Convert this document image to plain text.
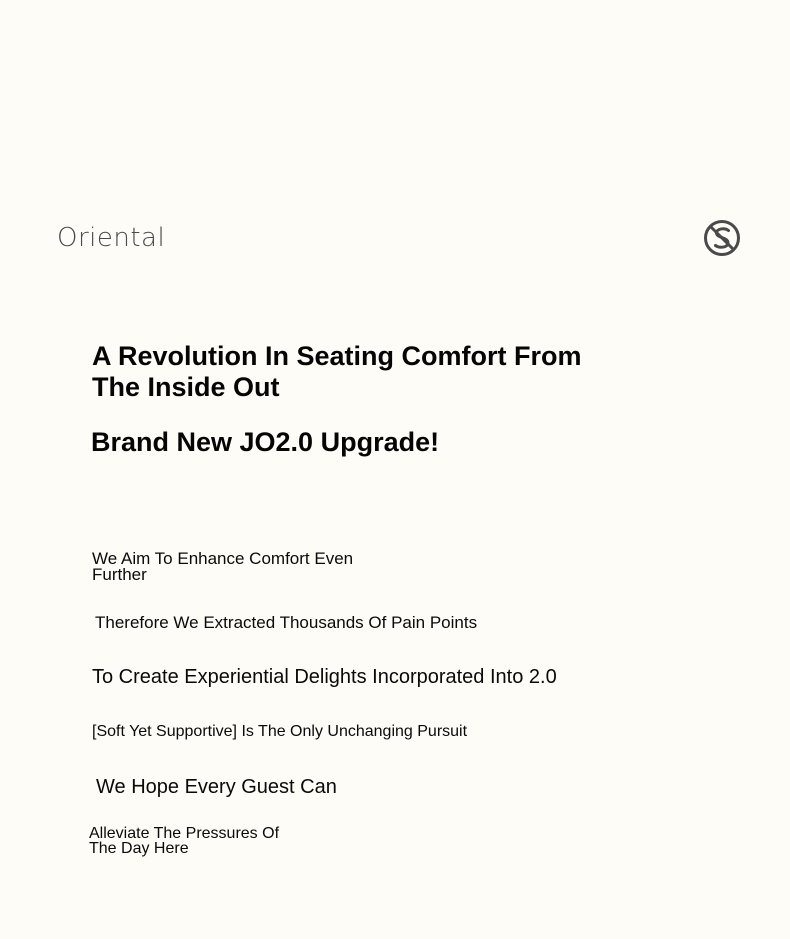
Oriental
A Revolution In Seating Comfort From The Inside Out
Brand New JO2.0 Upgrade!

We Aim To Enhance Comfort Even Further

Therefore We Extracted Thousands Of Pain Points

To Create Experiential Delights Incorporated Into 2.0

[Soft Yet Supportive] Is The Only Unchanging Pursuit

We Hope Every Guest Can

Alleviate The Pressures Of The Day Here
